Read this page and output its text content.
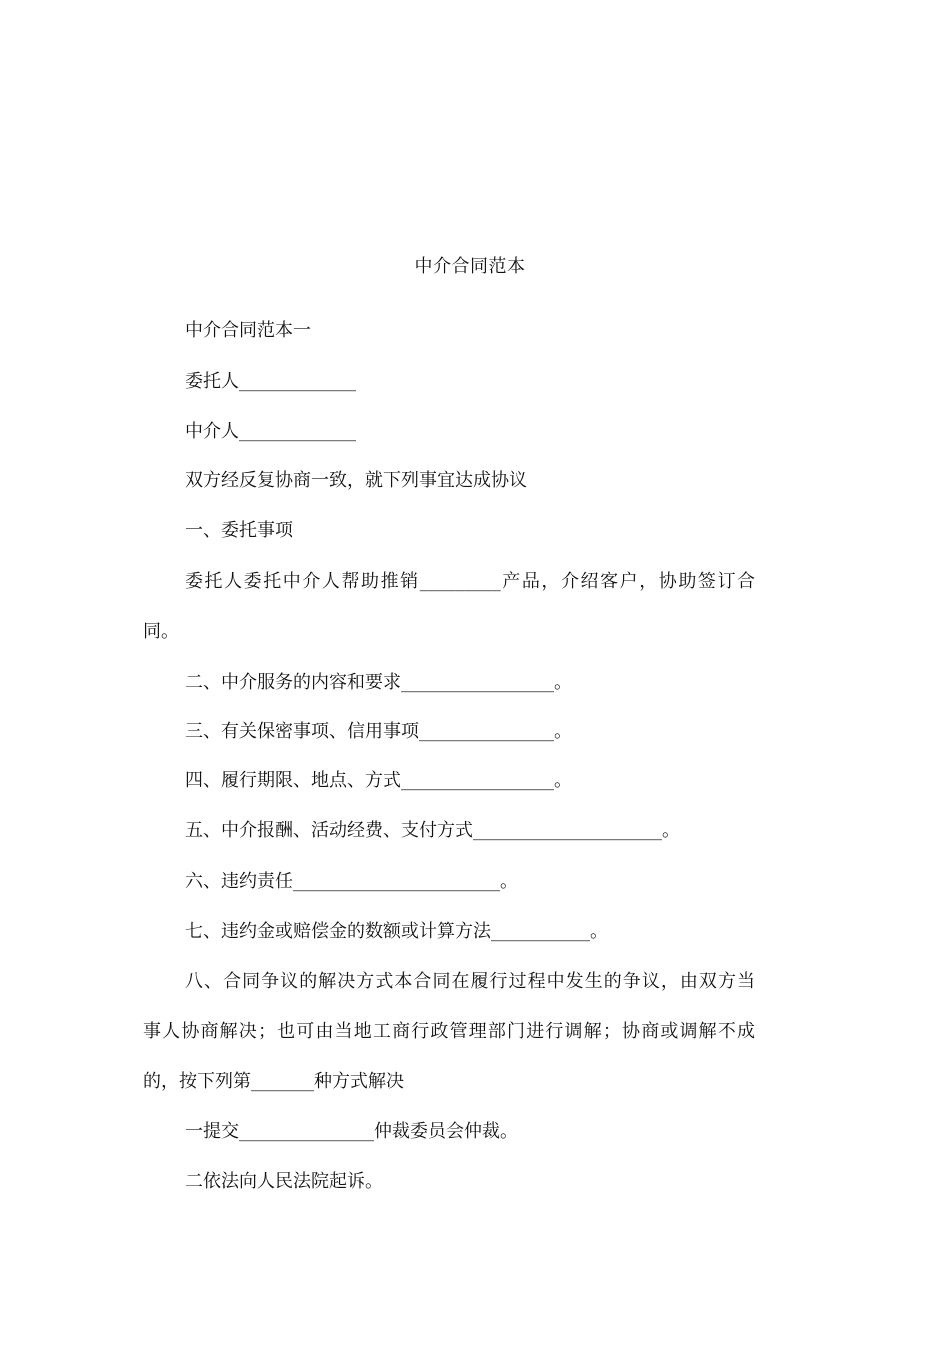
中介合同范本
中介合同范本一
委托人_____________
中介人_____________
双方经反复协商一致，就下列事宜达成协议
一、委托事项
委托人委托中介人帮助推销_________产品，介绍客户，协助签订合
同。
二、中介服务的内容和要求_________________。
三、有关保密事项、信用事项_______________。
四、履行期限、地点、方式_________________。
五、中介报酬、活动经费、支付方式_____________________。
六、违约责任_______________________。
七、违约金或赔偿金的数额或计算方法___________。
八、合同争议的解决方式本合同在履行过程中发生的争议，由双方当
事人协商解决；也可由当地工商行政管理部门进行调解；协商或调解不成
的，按下列第_______种方式解决
一提交_______________仲裁委员会仲裁。
二依法向人民法院起诉。
